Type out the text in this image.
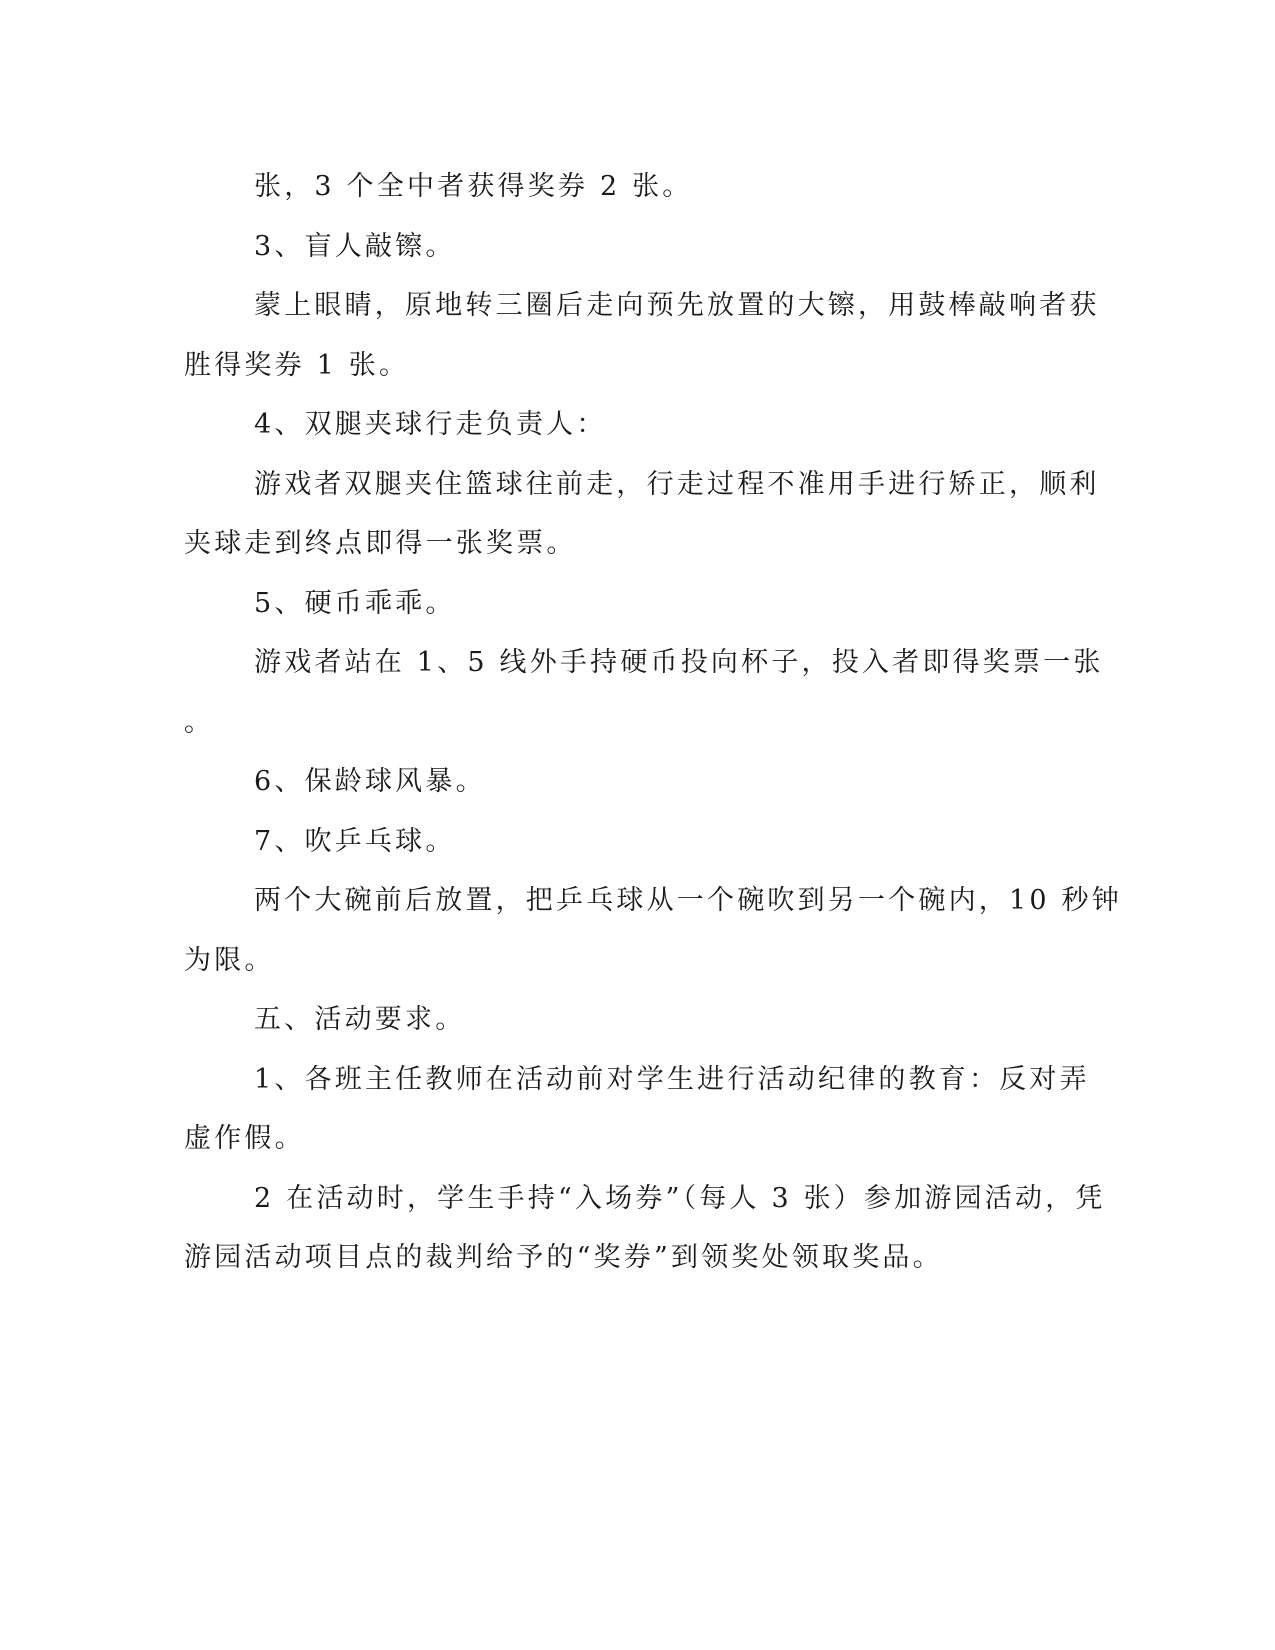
张，3 个全中者获得奖券 2 张。
3、盲人敲镲。
蒙上眼睛，原地转三圈后走向预先放置的大镲，用鼓棒敲响者获
胜得奖券 1 张。
4、双腿夹球行走负责人：
游戏者双腿夹住篮球往前走，行走过程不准用手进行矫正，顺利
夹球走到终点即得一张奖票。
5、硬币乖乖。
游戏者站在 1、5 线外手持硬币投向杯子，投入者即得奖票一张
。
6、保龄球风暴。
7、吹乒乓球。
两个大碗前后放置，把乒乓球从一个碗吹到另一个碗内，10 秒钟
为限。
五、活动要求。
1、各班主任教师在活动前对学生进行活动纪律的教育：反对弄
虚作假。
2 在活动时，学生手持“入场券”（每人 3 张）参加游园活动，凭
游园活动项目点的裁判给予的“奖券”到领奖处领取奖品。
